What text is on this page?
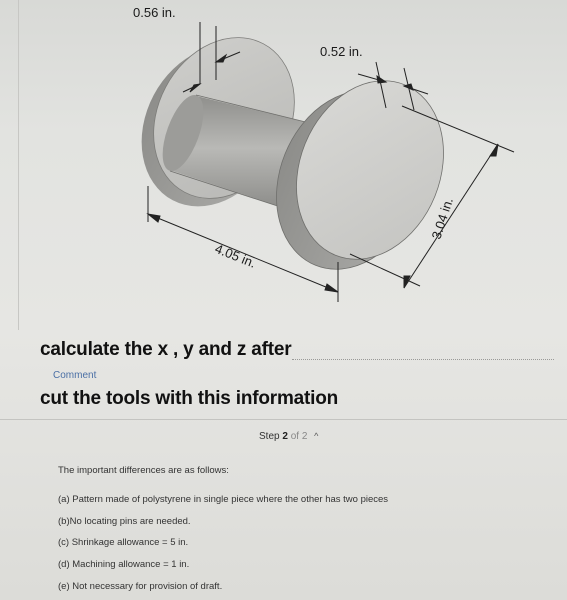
0.56 in.
0.52 in.
4.05 in.
3.04 in.
calculate the x , y and z after
Comment
cut the tools with this information
Step 2 of 2 ^
The important differences are as follows:
(a) Pattern made of polystyrene in single piece where the other has two pieces
(b)No locating pins are needed.
(c) Shrinkage allowance = 5 in.
(d) Machining allowance = 1 in.
(e) Not necessary for provision of draft.
